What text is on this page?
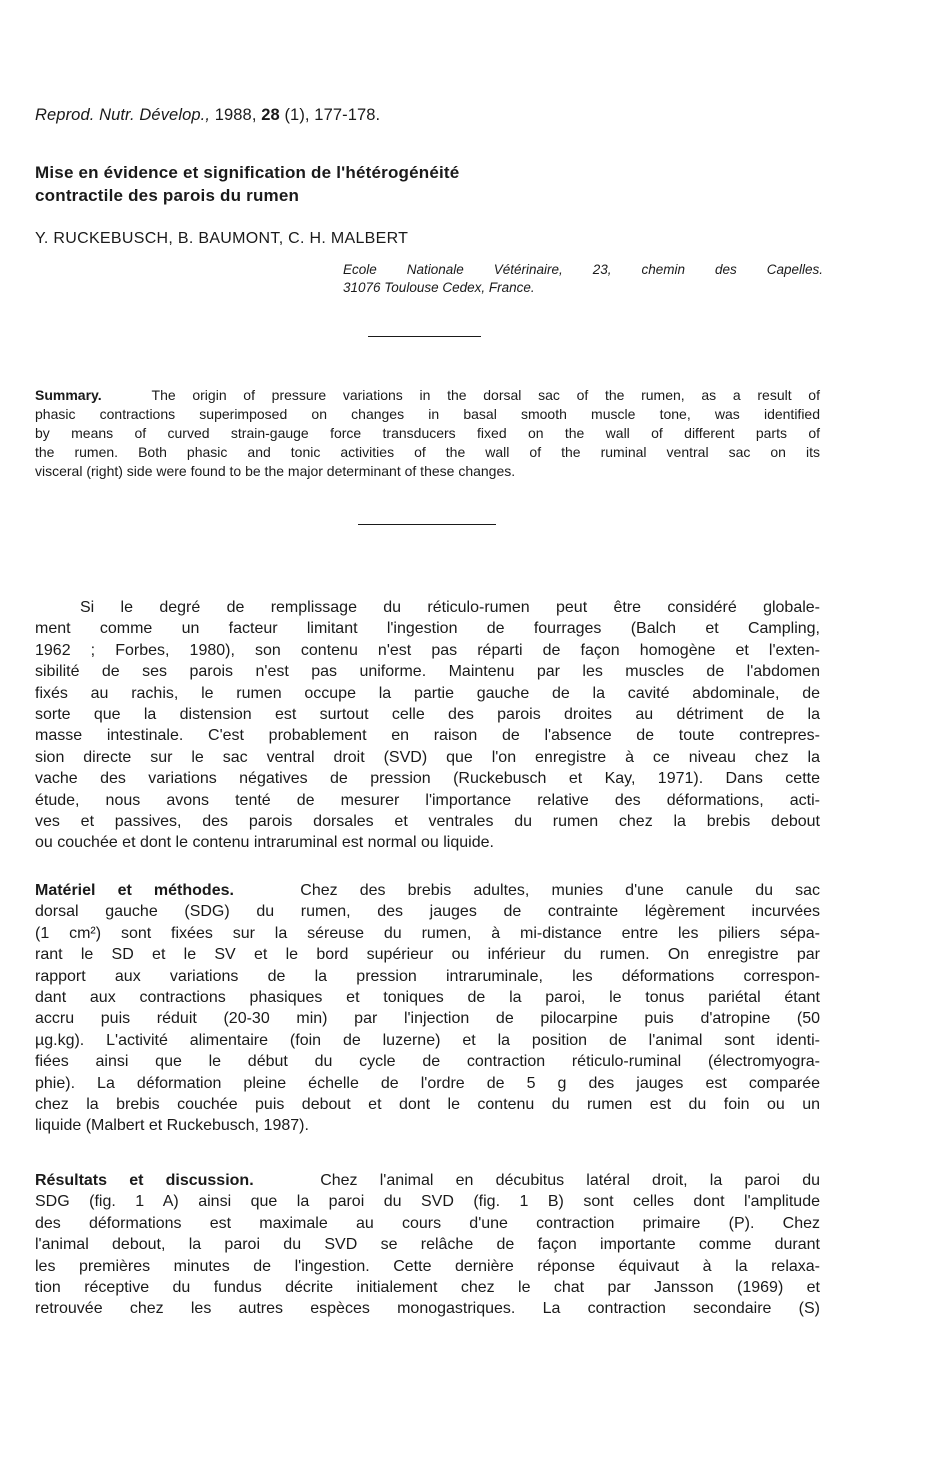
Reprod. Nutr. Dévelop., 1988, 28 (1), 177-178.
Mise en évidence et signification de l'hétérogénéité
contractile des parois du rumen
Y. RUCKEBUSCH, B. BAUMONT, C. H. MALBERT
Ecole Nationale Vétérinaire, 23, chemin des Capelles.
31076 Toulouse Cedex, France.
Summary.	The origin of pressure variations in the dorsal sac of the rumen, as a result of
phasic contractions superimposed on changes in basal smooth muscle tone, was identified
by means of curved strain-gauge force transducers fixed on the wall of different parts of
the rumen. Both phasic and tonic activities of the wall of the ruminal ventral sac on its
visceral (right) side were found to be the major determinant of these changes.
Si le degré de remplissage du réticulo-rumen peut être considéré globale-
ment comme un facteur limitant l'ingestion de fourrages (Balch et Campling,
1962 ; Forbes, 1980), son contenu n'est pas réparti de façon homogène et l'exten-
sibilité de ses parois n'est pas uniforme. Maintenu par les muscles de l'abdomen
fixés au rachis, le rumen occupe la partie gauche de la cavité abdominale, de
sorte que la distension est surtout celle des parois droites au détriment de la
masse intestinale. C'est probablement en raison de l'absence de toute contrepres-
sion directe sur le sac ventral droit (SVD) que l'on enregistre à ce niveau chez la
vache des variations négatives de pression (Ruckebusch et Kay, 1971). Dans cette
étude, nous avons tenté de mesurer l'importance relative des déformations, acti-
ves et passives, des parois dorsales et ventrales du rumen chez la brebis debout
ou couchée et dont le contenu intraruminal est normal ou liquide.
Matériel et méthodes.	Chez des brebis adultes, munies d'une canule du sac
dorsal gauche (SDG) du rumen, des jauges de contrainte légèrement incurvées
(1 cm²) sont fixées sur la séreuse du rumen, à mi-distance entre les piliers sépa-
rant le SD et le SV et le bord supérieur ou inférieur du rumen. On enregistre par
rapport aux variations de la pression intraruminale, les déformations correspon-
dant aux contractions phasiques et toniques de la paroi, le tonus pariétal étant
accru puis réduit (20-30 min) par l'injection de pilocarpine puis d'atropine (50
µg.kg). L'activité alimentaire (foin de luzerne) et la position de l'animal sont identi-
fiées ainsi que le début du cycle de contraction réticulo-ruminal (électromyogra-
phie). La déformation pleine échelle de l'ordre de 5 g des jauges est comparée
chez la brebis couchée puis debout et dont le contenu du rumen est du foin ou un
liquide (Malbert et Ruckebusch, 1987).
Résultats et discussion.	Chez l'animal en décubitus latéral droit, la paroi du
SDG (fig. 1 A) ainsi que la paroi du SVD (fig. 1 B) sont celles dont l'amplitude
des déformations est maximale au cours d'une contraction primaire (P). Chez
l'animal debout, la paroi du SVD se relâche de façon importante comme durant
les premières minutes de l'ingestion. Cette dernière réponse équivaut à la relaxa-
tion réceptive du fundus décrite initialement chez le chat par Jansson (1969) et
retrouvée chez les autres espèces monogastriques. La contraction secondaire (S)
